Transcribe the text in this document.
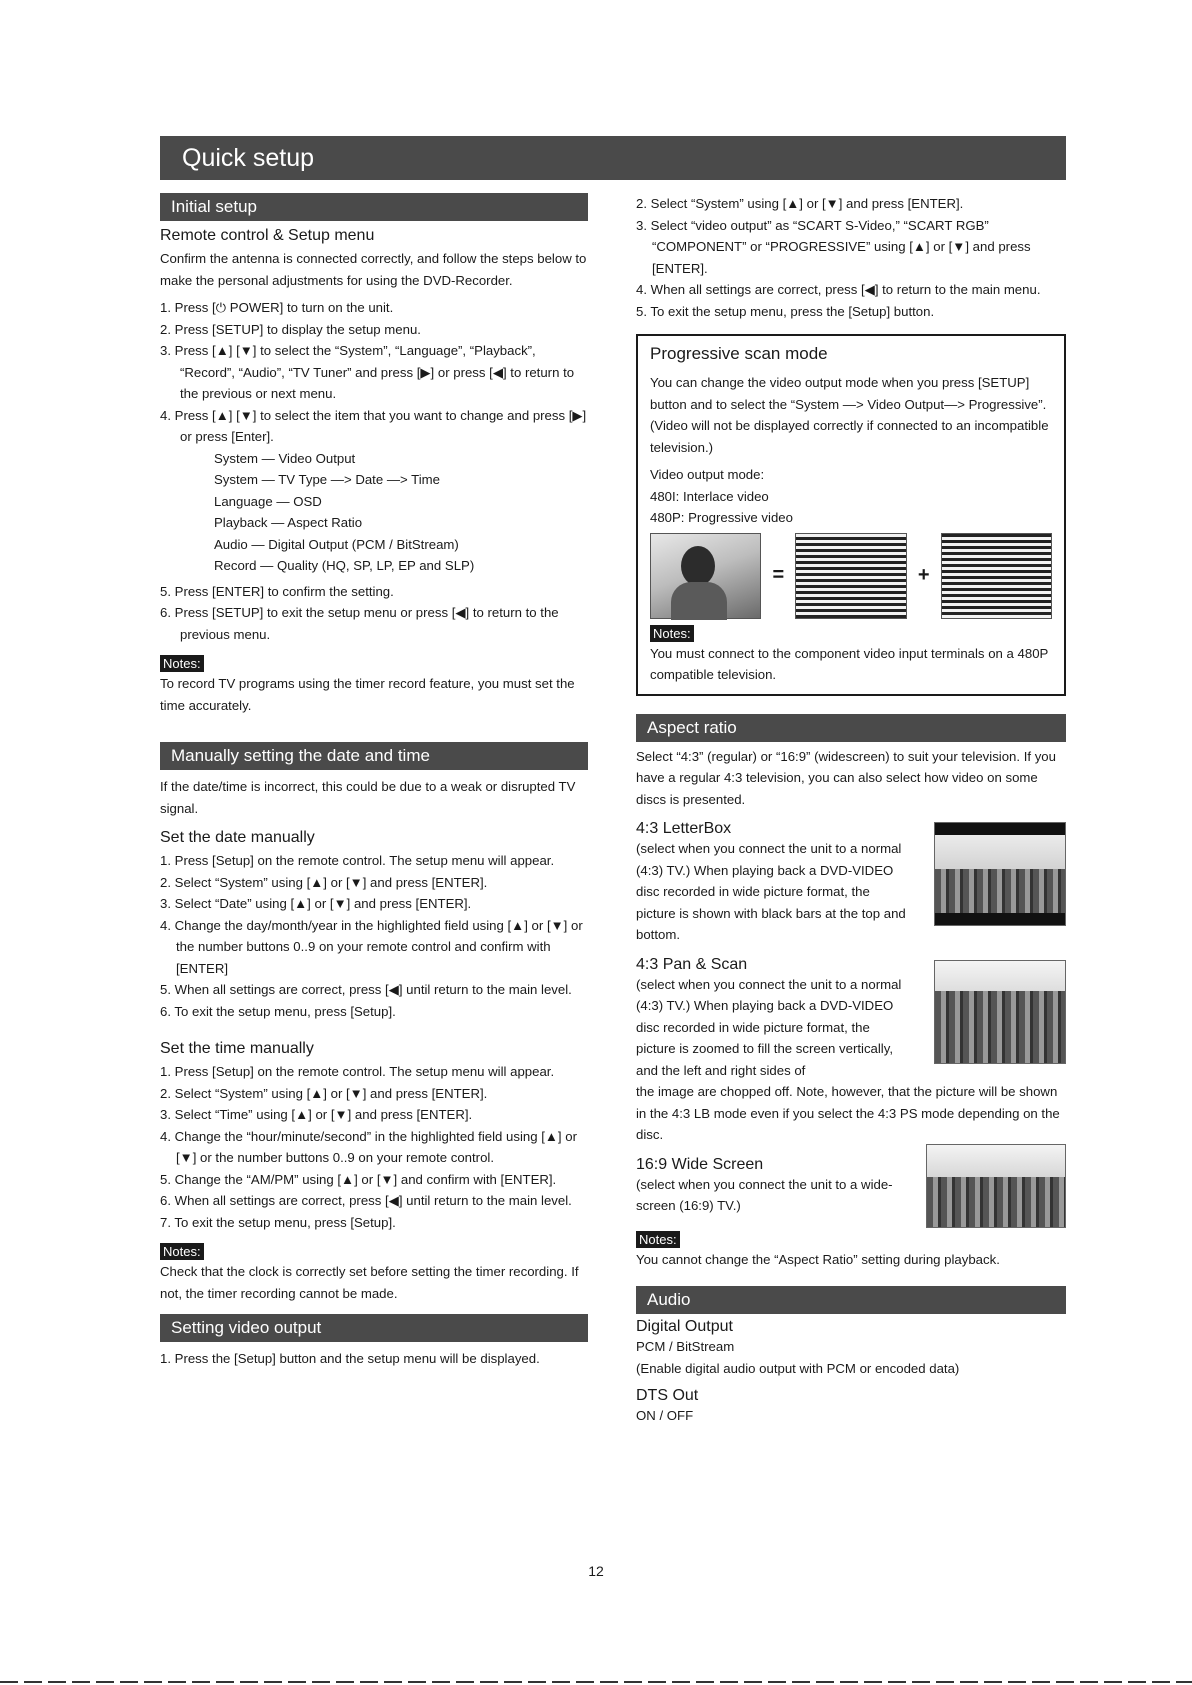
Quick setup
Initial setup
Remote control & Setup menu

Confirm the antenna is connected correctly, and follow the steps below to make the personal adjustments for using the DVD-Recorder.

1. Press [⏻ POWER] to turn on the unit.
2. Press [SETUP] to display the setup menu.
3. Press [▲] [▼] to select the “System”, “Language”, “Playback”, “Record”, “Audio”, “TV Tuner” and press [▶] or press [◀] to return to the previous or next menu.
4. Press [▲] [▼] to select the item that you want to change and press [▶] or press [Enter].
System — Video Output
System — TV Type —> Date —> Time
Language — OSD
Playback — Aspect Ratio
Audio — Digital Output (PCM / BitStream)
Record — Quality (HQ, SP, LP, EP and SLP)
5. Press [ENTER] to confirm the setting.
6. Press [SETUP] to exit the setup menu or press [◀] to return to the previous menu.
Notes:

To record TV programs using the timer record feature, you must set the time accurately.

Manually setting the date and time

If the date/time is incorrect, this could be due to a weak or disrupted TV signal.

Set the date manually
1. Press [Setup] on the remote control. The setup menu will appear.
2. Select “System” using [▲] or [▼] and press [ENTER].
3. Select “Date” using [▲] or [▼] and press [ENTER].
4. Change the day/month/year in the highlighted field using [▲] or [▼] or the number buttons 0..9 on your remote control and confirm with [ENTER]
5. When all settings are correct, press [◀] until return to the main level.
6. To exit the setup menu, press [Setup].
Set the time manually
1. Press [Setup] on the remote control. The setup menu will appear.
2. Select “System” using [▲] or [▼] and press [ENTER].
3. Select “Time” using [▲] or [▼] and press [ENTER].
4. Change the “hour/minute/second” in the highlighted field using [▲] or [▼] or the number buttons 0..9 on your remote control.
5. Change the “AM/PM” using [▲] or [▼] and confirm with [ENTER].
6. When all settings are correct, press [◀] until return to the main level.
7. To exit the setup menu, press [Setup].
Notes:

Check that the clock is correctly set before setting the timer recording. If not, the timer recording cannot be made.

Setting video output
1. Press the [Setup] button and the setup menu will be displayed.
2. Select “System” using [▲] or [▼] and press [ENTER].
3. Select “video output” as “SCART S-Video,” “SCART RGB” “COMPONENT” or “PROGRESSIVE” using [▲] or [▼] and press [ENTER].
4. When all settings are correct, press [◀] to return to the main menu.
5. To exit the setup menu, press the [Setup] button.
Progressive scan mode

You can change the video output mode when you press [SETUP] button and to select the “System —> Video Output—> Progressive”.

(Video will not be displayed correctly if connected to an incompatible television.)

Video output mode:

480I: Interlace video

480P: Progressive video

=	+
Notes:

You must connect to the component video input terminals on a 480P compatible television.

Aspect ratio

Select “4:3” (regular) or “16:9” (widescreen) to suit your television. If you have a regular 4:3 television, you can also select how video on some discs is presented.

4:3 LetterBox

(select when you connect the unit to a normal (4:3) TV.) When playing back a DVD-VIDEO disc recorded in wide picture format, the picture is shown with black bars at the top and bottom.

4:3 Pan & Scan

(select when you connect the unit to a normal (4:3) TV.) When playing back a DVD-VIDEO disc recorded in wide picture format, the picture is zoomed to fill the screen vertically, and the left and right sides of

the image are chopped off. Note, however, that the picture will be shown in the 4:3 LB mode even if you select the 4:3 PS mode depending on the disc.

16:9 Wide Screen

(select when you connect the unit to a wide-screen (16:9) TV.)

Notes:

You cannot change the “Aspect Ratio” setting during playback.

Audio
Digital Output

PCM / BitStream

(Enable digital audio output with PCM or encoded data)

DTS Out

ON / OFF

12
